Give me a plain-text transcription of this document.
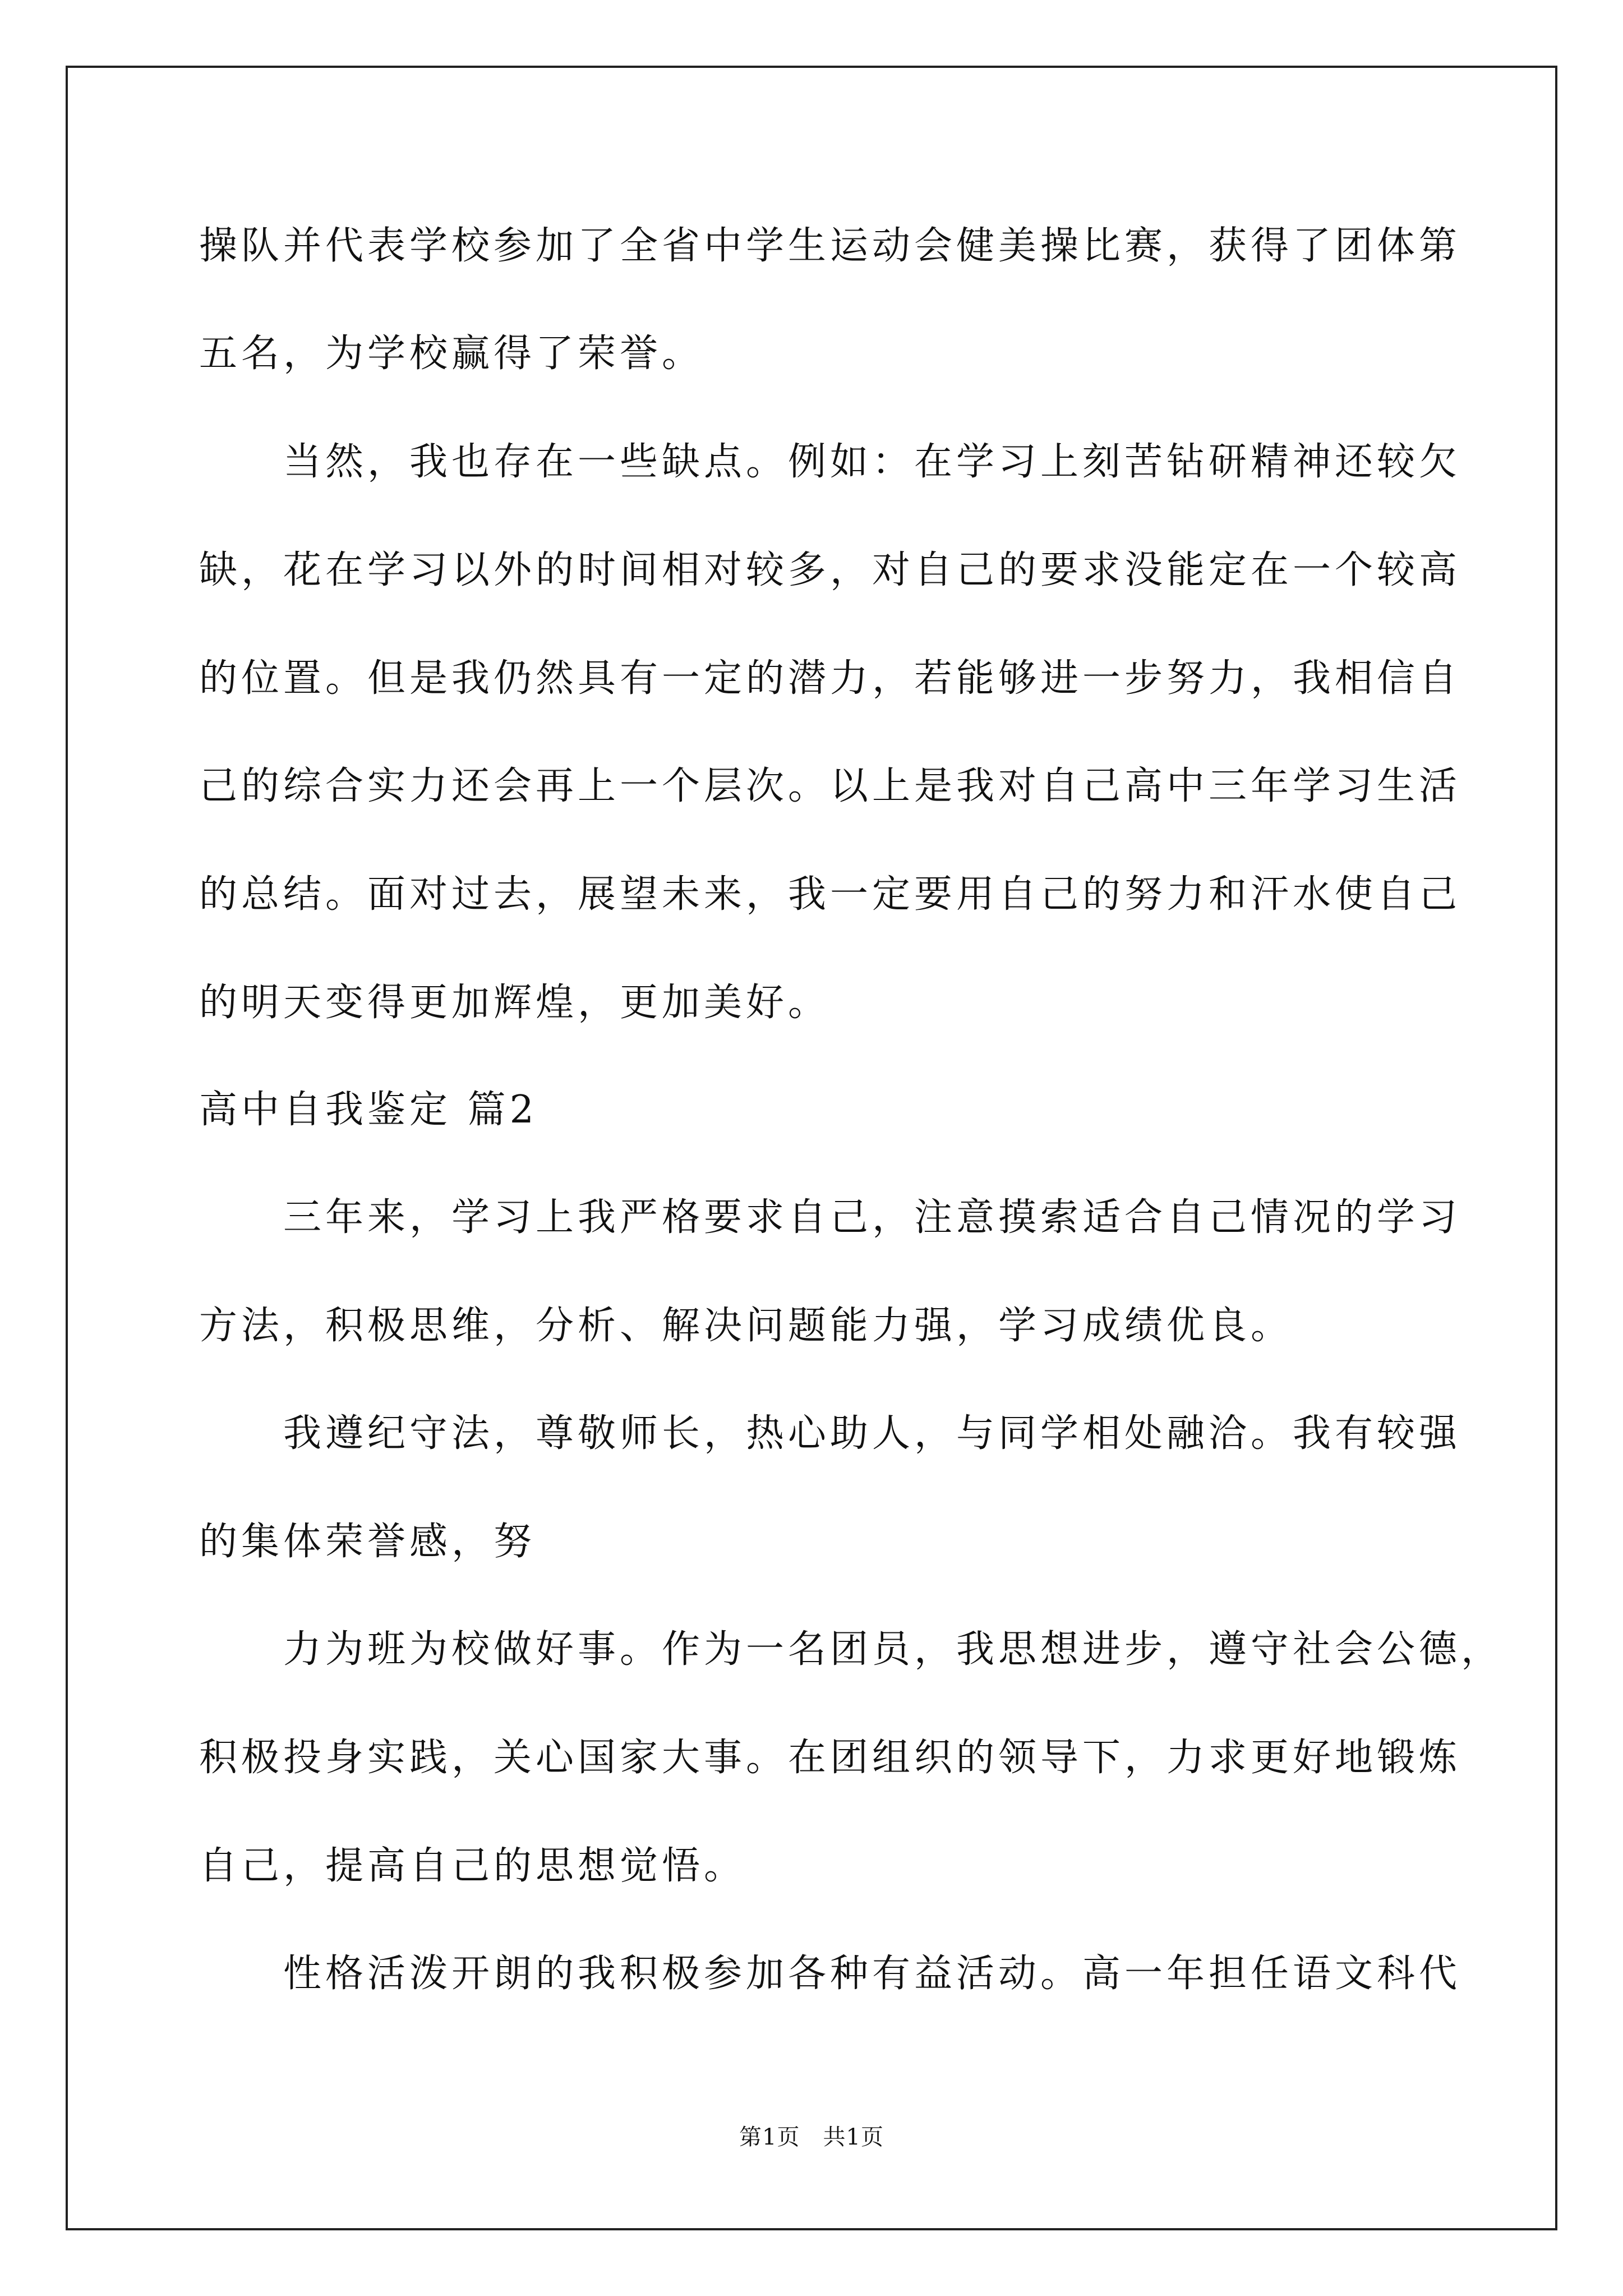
操队并代表学校参加了全省中学生运动会健美操比赛，获得了团体第
五名，为学校赢得了荣誉。
当然，我也存在一些缺点。例如：在学习上刻苦钻研精神还较欠
缺，花在学习以外的时间相对较多，对自己的要求没能定在一个较高
的位置。但是我仍然具有一定的潜力，若能够进一步努力，我相信自
己的综合实力还会再上一个层次。以上是我对自己高中三年学习生活
的总结。面对过去，展望未来，我一定要用自己的努力和汗水使自己
的明天变得更加辉煌，更加美好。
高中自我鉴定 篇2
三年来，学习上我严格要求自己，注意摸索适合自己情况的学习
方法，积极思维，分析、解决问题能力强，学习成绩优良。
我遵纪守法，尊敬师长，热心助人，与同学相处融洽。我有较强
的集体荣誉感，努
力为班为校做好事。作为一名团员，我思想进步，遵守社会公德，
积极投身实践，关心国家大事。在团组织的领导下，力求更好地锻炼
自己，提高自己的思想觉悟。
性格活泼开朗的我积极参加各种有益活动。高一年担任语文科代
第1页　共1页
